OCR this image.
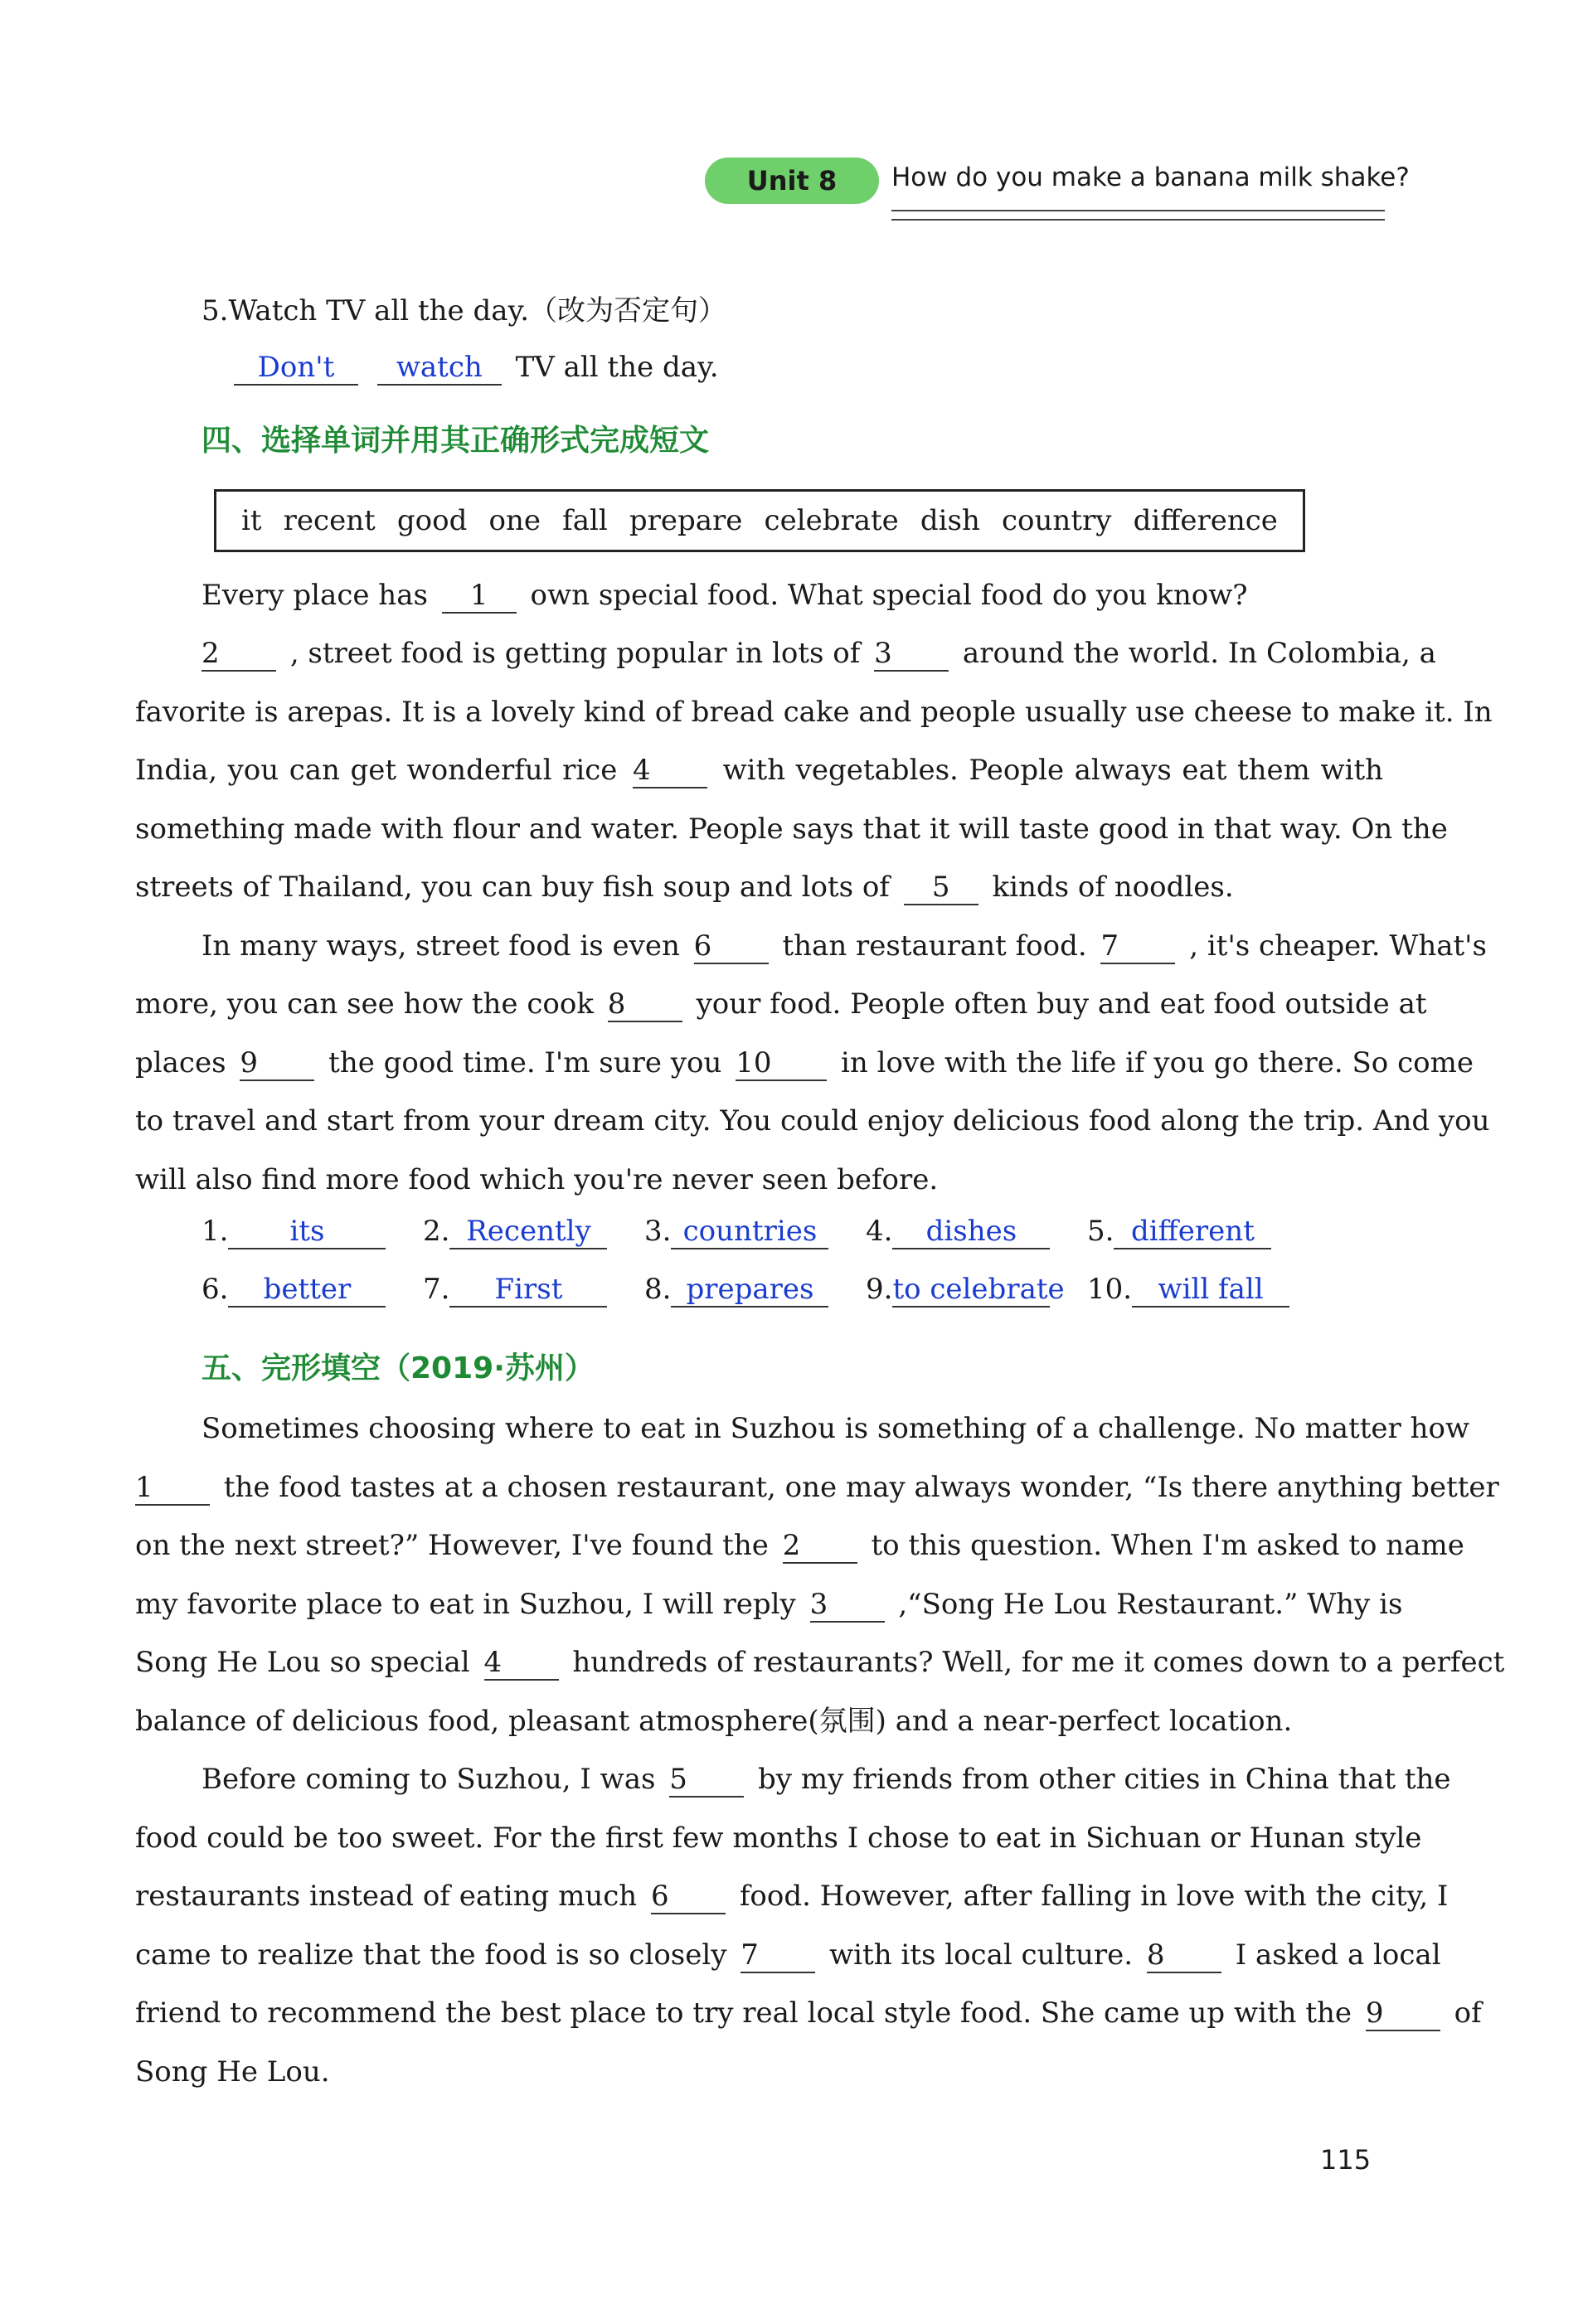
Unit 8	How do you make a banana milk shake?
5.Watch TV all the day.（改为否定句）
Don't watch TV all the day.
四、选择单词并用其正确形式完成短文
it recent good one fall prepare celebrate dish country difference
Every place has 1 own special food. What special food do you know?
2	, street food is getting popular in lots of 3	around the world. In Colombia, a
favorite is arepas. It is a lovely kind of bread cake and people usually use cheese to make it. In
India, you can get wonderful rice 4	with vegetables. People always eat them with
something made with flour and water. People says that it will taste good in that way. On the
streets of Thailand, you can buy fish soup and lots of 5 kinds of noodles.
In many ways, street food is even 6	than restaurant food. 7	, it's cheaper. What's
more, you can see how the cook 8	your food. People often buy and eat food outside at
places 9	the good time. I'm sure you 10 in love with the life if you go there. So come
to travel and start from your dream city. You could enjoy delicious food along the trip. And you
will also find more food which you're never seen before.
1. its	2. Recently	3. countries	4. dishes	5. different
6. better	7. First	8. prepares	9.to celebrate 10. will fall
五、完形填空（2019·苏州）
Sometimes choosing where to eat in Suzhou is something of a challenge. No matter how
1	the food tastes at a chosen restaurant, one may always wonder, “Is there anything better
on the next street?” However, I've found the 2	to this question. When I'm asked to name
my favorite place to eat in Suzhou, I will reply 3	,“Song He Lou Restaurant.” Why is
Song He Lou so special 4	hundreds of restaurants? Well, for me it comes down to a perfect
balance of delicious food, pleasant atmosphere(氛围) and a near-perfect location.
Before coming to Suzhou, I was 5	by my friends from other cities in China that the
food could be too sweet. For the first few months I chose to eat in Sichuan or Hunan style
restaurants instead of eating much 6	food. However, after falling in love with the city, I
came to realize that the food is so closely 7	with its local culture. 8	I asked a local
friend to recommend the best place to try real local style food. She came up with the 9	of
Song He Lou.
115
